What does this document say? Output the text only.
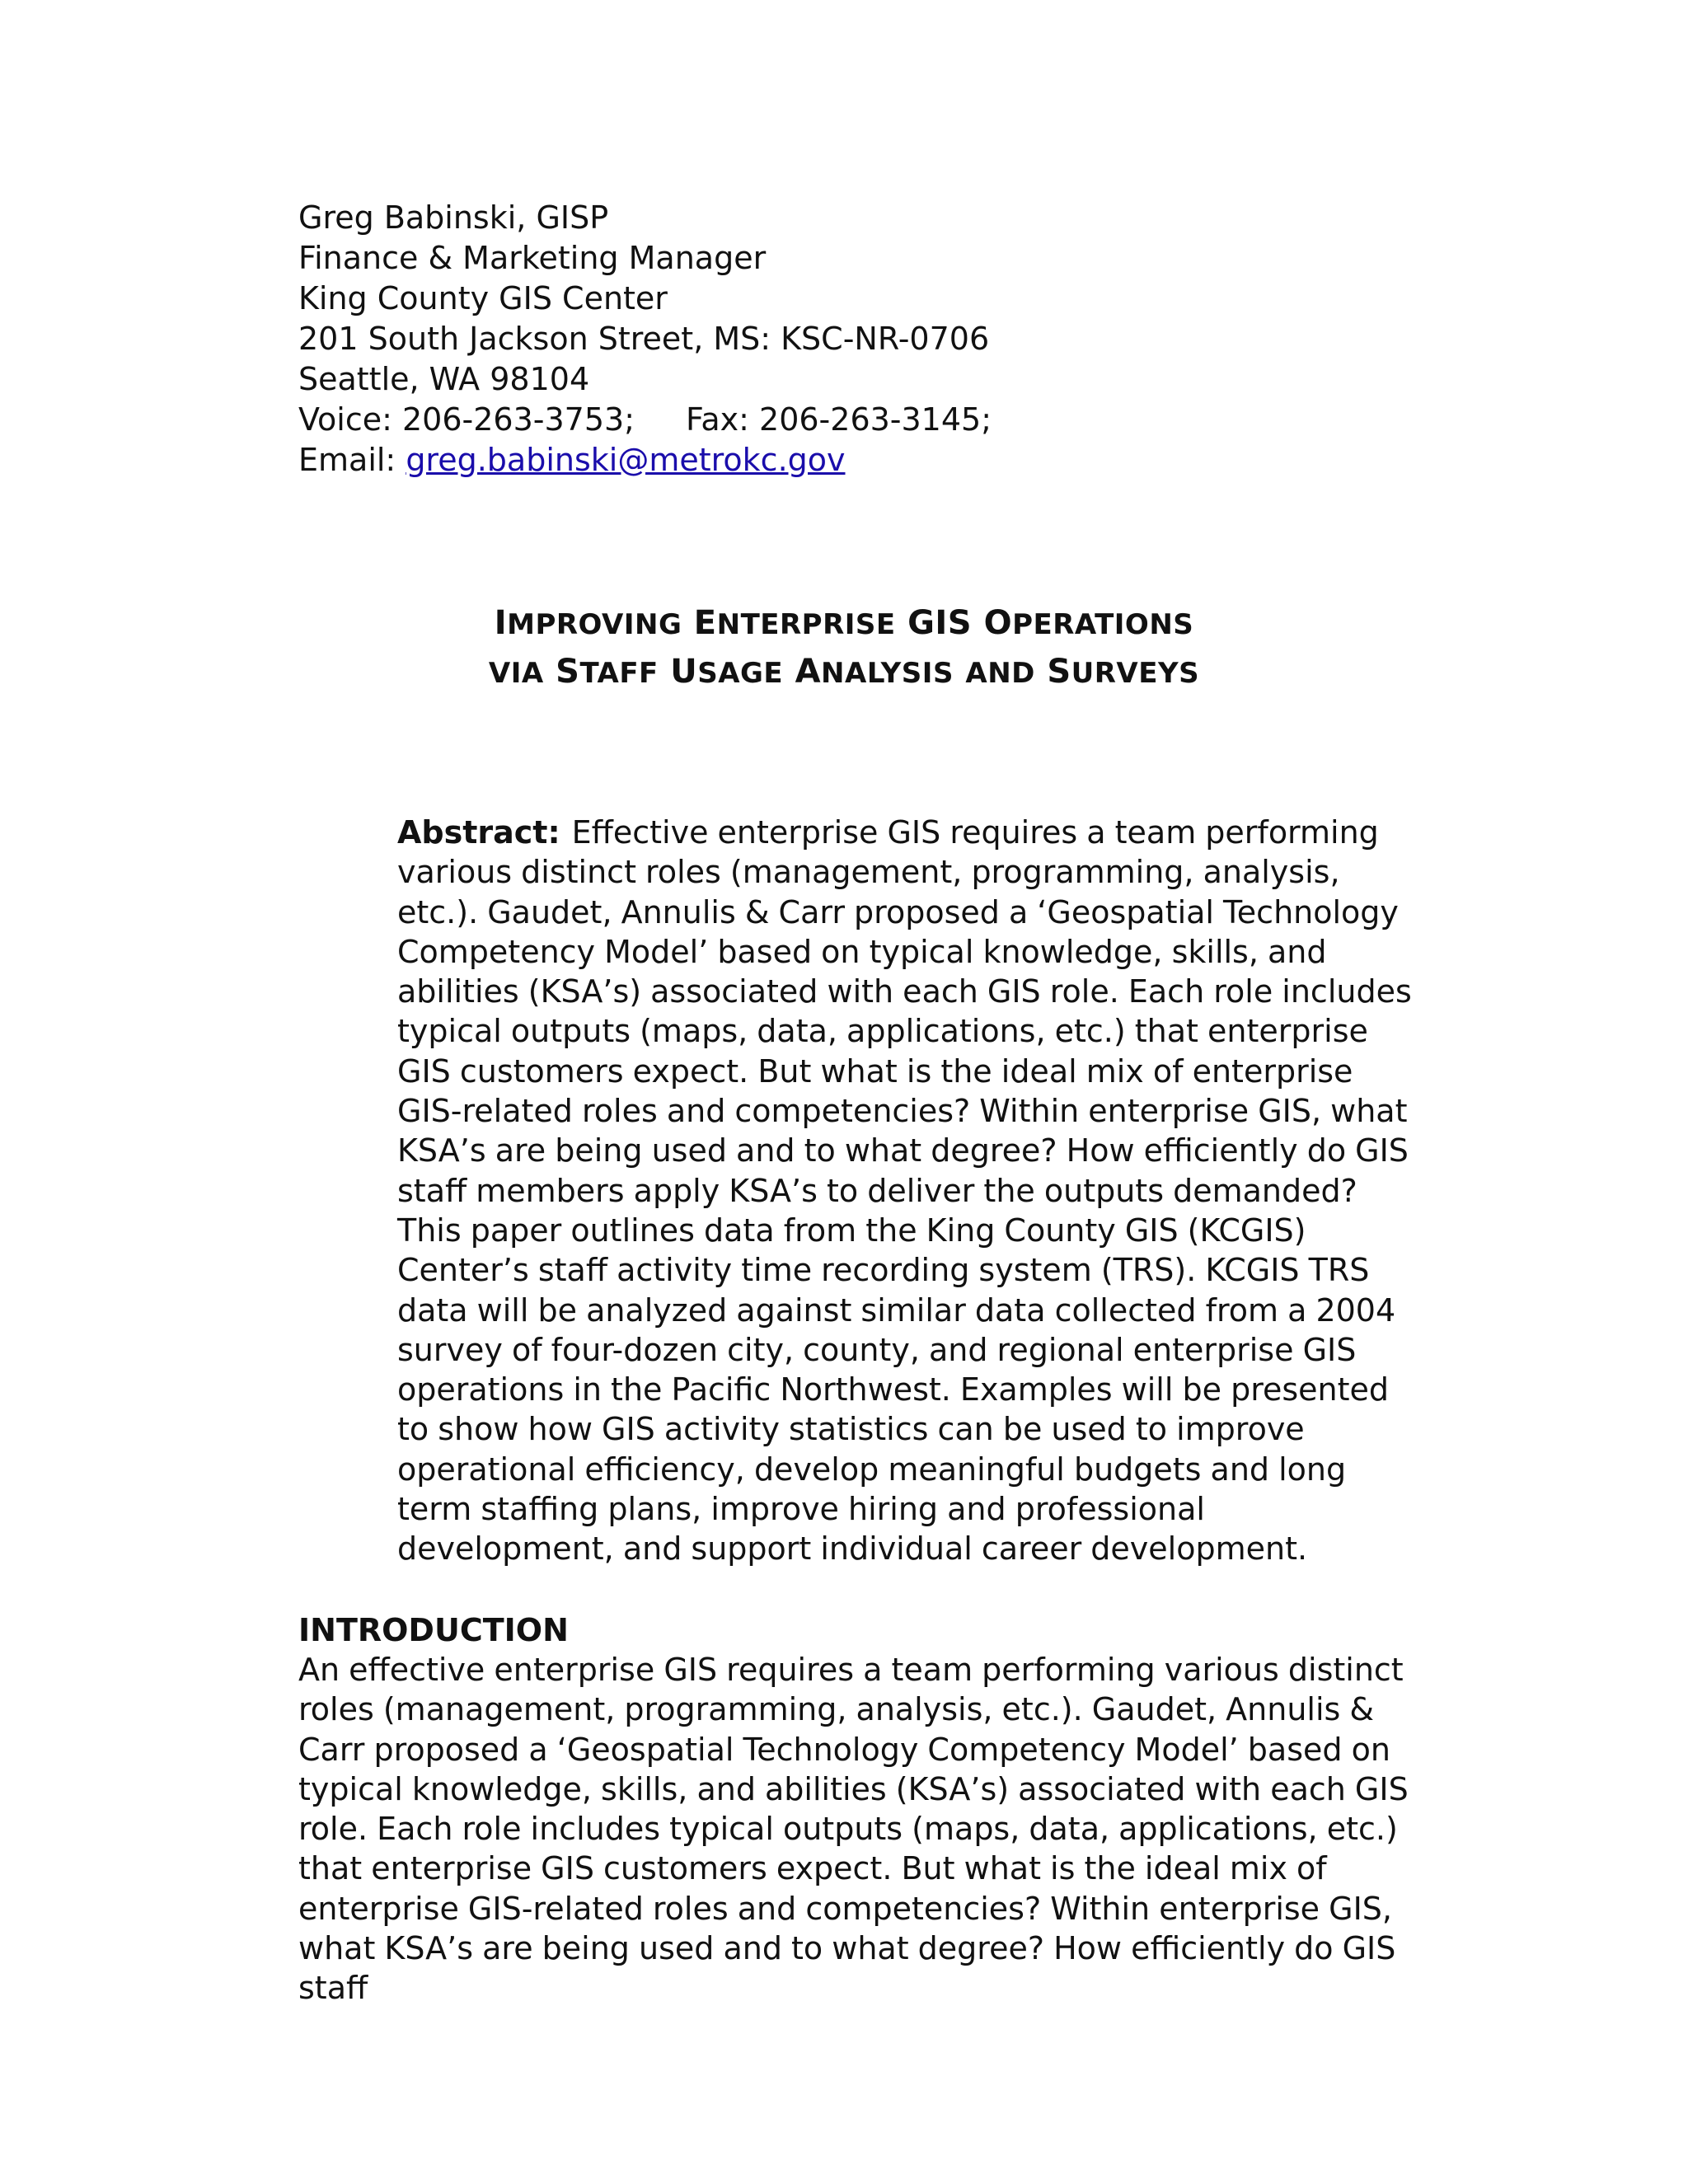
Greg Babinski, GISP
Finance & Marketing Manager
King County GIS Center
201 South Jackson Street, MS: KSC-NR-0706
Seattle, WA 98104
Voice: 206-263-3753; Fax: 206-263-3145;
Email: greg.babinski@metrokc.gov
IMPROVING ENTERPRISE GIS OPERATIONS
VIA STAFF USAGE ANALYSIS AND SURVEYS
Abstract: Effective enterprise GIS requires a team performing various distinct roles (management, programming, analysis, etc.). Gaudet, Annulis & Carr proposed a ‘Geospatial Technology Competency Model’ based on typical knowledge, skills, and abilities (KSA’s) associated with each GIS role. Each role includes typical outputs (maps, data, applications, etc.) that enterprise GIS customers expect. But what is the ideal mix of enterprise GIS-related roles and competencies? Within enterprise GIS, what KSA’s are being used and to what degree? How efficiently do GIS staff members apply KSA’s to deliver the outputs demanded? This paper outlines data from the King County GIS (KCGIS) Center’s staff activity time recording system (TRS). KCGIS TRS data will be analyzed against similar data collected from a 2004 survey of four-dozen city, county, and regional enterprise GIS operations in the Pacific Northwest. Examples will be presented to show how GIS activity statistics can be used to improve operational efficiency, develop meaningful budgets and long term staffing plans, improve hiring and professional development, and support individual career development.
INTRODUCTION
An effective enterprise GIS requires a team performing various distinct roles (management, programming, analysis, etc.). Gaudet, Annulis & Carr proposed a ‘Geospatial Technology Competency Model’ based on typical knowledge, skills, and abilities (KSA’s) associated with each GIS role. Each role includes typical outputs (maps, data, applications, etc.) that enterprise GIS customers expect. But what is the ideal mix of enterprise GIS-related roles and competencies? Within enterprise GIS, what KSA’s are being used and to what degree? How efficiently do GIS staff
